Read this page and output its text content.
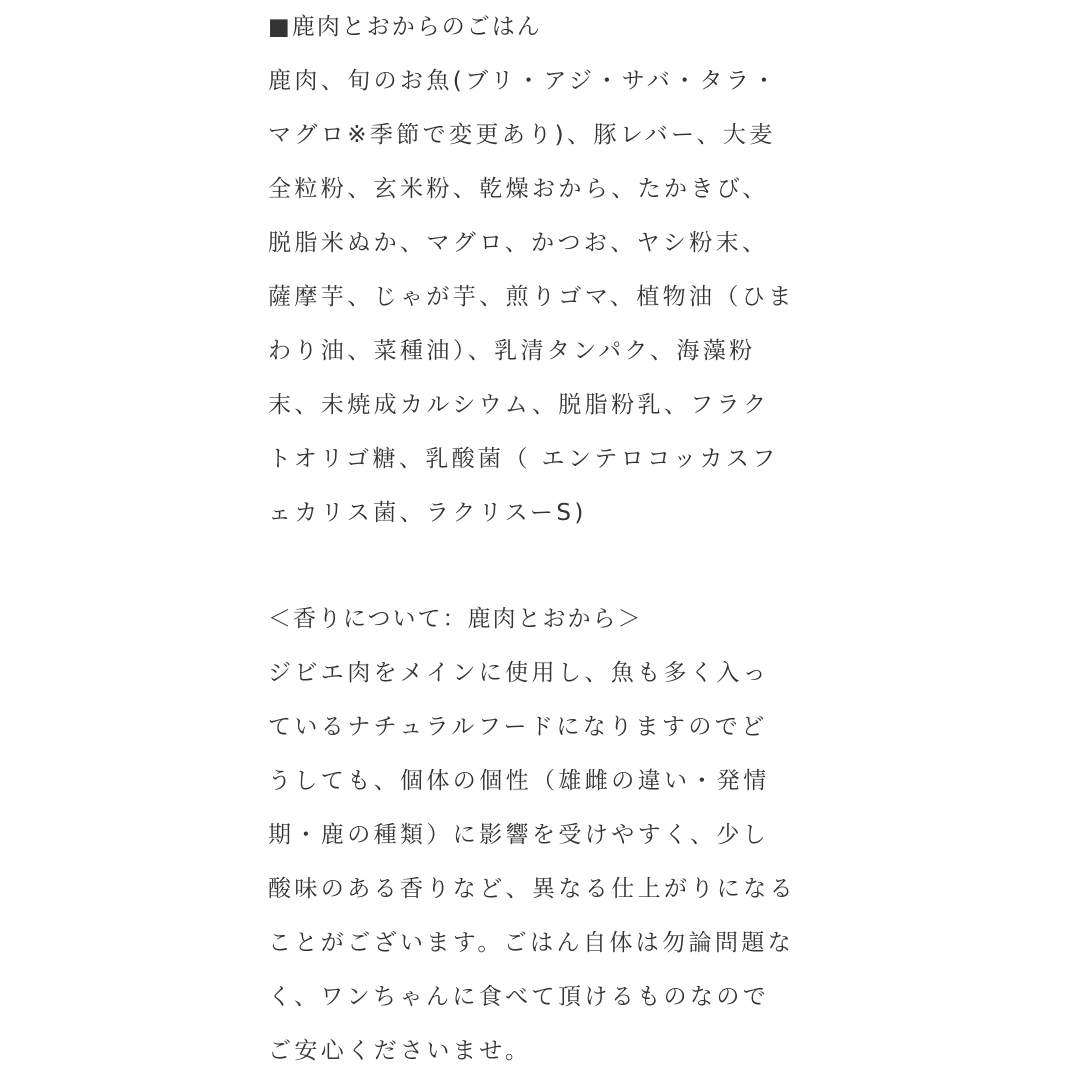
■鹿肉とおからのごはん
鹿肉、旬のお魚(ブリ・アジ・サバ・タラ・
マグロ※季節で変更あり)、豚レバー、大麦
全粒粉、玄米粉、乾燥おから、たかきび、
脱脂米ぬか、マグロ、かつお、ヤシ粉末、
薩摩芋、じゃが芋、煎りゴマ、植物油（ひま
わり油、菜種油）、乳清タンパク、海藻粉
末、未焼成カルシウム、脱脂粉乳、フラク
トオリゴ糖、乳酸菌（ エンテロコッカスフ
ェカリス菌、ラクリスーS)
＜香りについて：鹿肉とおから＞
ジビエ肉をメインに使用し、魚も多く入っ
ているナチュラルフードになりますのでど
うしても、個体の個性（雄雌の違い・発情
期・鹿の種類）に影響を受けやすく、少し
酸味のある香りなど、異なる仕上がりになる
ことがございます。ごはん自体は勿論問題な
く、ワンちゃんに食べて頂けるものなので
ご安心くださいませ。
